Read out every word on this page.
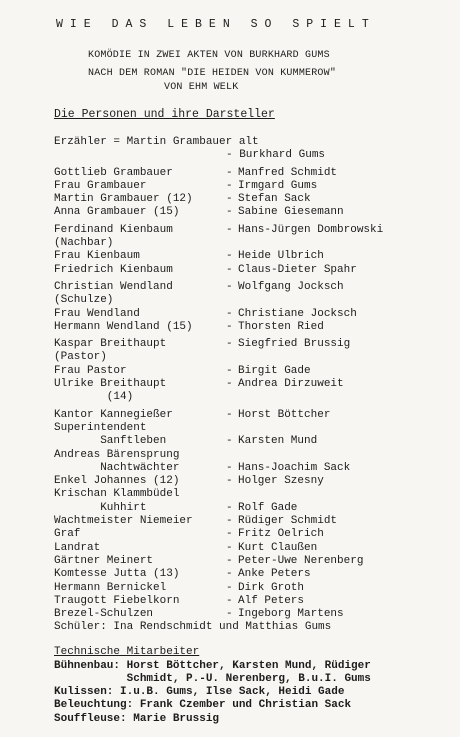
WIE DAS LEBEN SO SPIELT
KOMÖDIE IN ZWEI AKTEN VON BURKHARD GUMS
NACH DEM ROMAN "DIE HEIDEN VON KUMMEROW"
VON EHM WELK
Die Personen und ihre Darsteller
Erzähler = Martin Grambauer alt
- Burkhard Gums
Gottlieb Grambauer	- Manfred Schmidt
Frau Grambauer	- Irmgard Gums
Martin Grambauer (12)	- Stefan Sack
Anna Grambauer (15)	- Sabine Giesemann
Ferdinand Kienbaum	- Hans-Jürgen Dombrowski
(Nachbar)
Frau Kienbaum	- Heide Ulbrich
Friedrich Kienbaum	- Claus-Dieter Spahr
Christian Wendland	- Wolfgang Jocksch
(Schulze)
Frau Wendland	- Christiane Jocksch
Hermann Wendland (15)	- Thorsten Ried
Kaspar Breithaupt	- Siegfried Brussig
(Pastor)
Frau Pastor	- Birgit Gade
Ulrike Breithaupt	- Andrea Dirzuweit
(14)
Kantor Kannegießer	- Horst Böttcher
Superintendent
Sanftleben	- Karsten Mund
Andreas Bärensprung
Nachtwächter	- Hans-Joachim Sack
Enkel Johannes (12)	- Holger Szesny
Krischan Klammbüdel
Kuhhirt	- Rolf Gade
Wachtmeister Niemeier	- Rüdiger Schmidt
Graf	- Fritz Oelrich
Landrat	- Kurt Claußen
Gärtner Meinert	- Peter-Uwe Nerenberg
Komtesse Jutta (13)	- Anke Peters
Hermann Bernickel	- Dirk Groth
Traugott Fiebelkorn	- Alf Peters
Brezel-Schulzen	- Ingeborg Martens
Schüler: Ina Rendschmidt und Matthias Gums
Technische Mitarbeiter
Bühnenbau: Horst Böttcher, Karsten Mund, Rüdiger
Schmidt, P.-U. Nerenberg, B.u.I. Gums
Kulissen: I.u.B. Gums, Ilse Sack, Heidi Gade
Beleuchtung: Frank Czember und Christian Sack
Souffleuse: Marie Brussig
